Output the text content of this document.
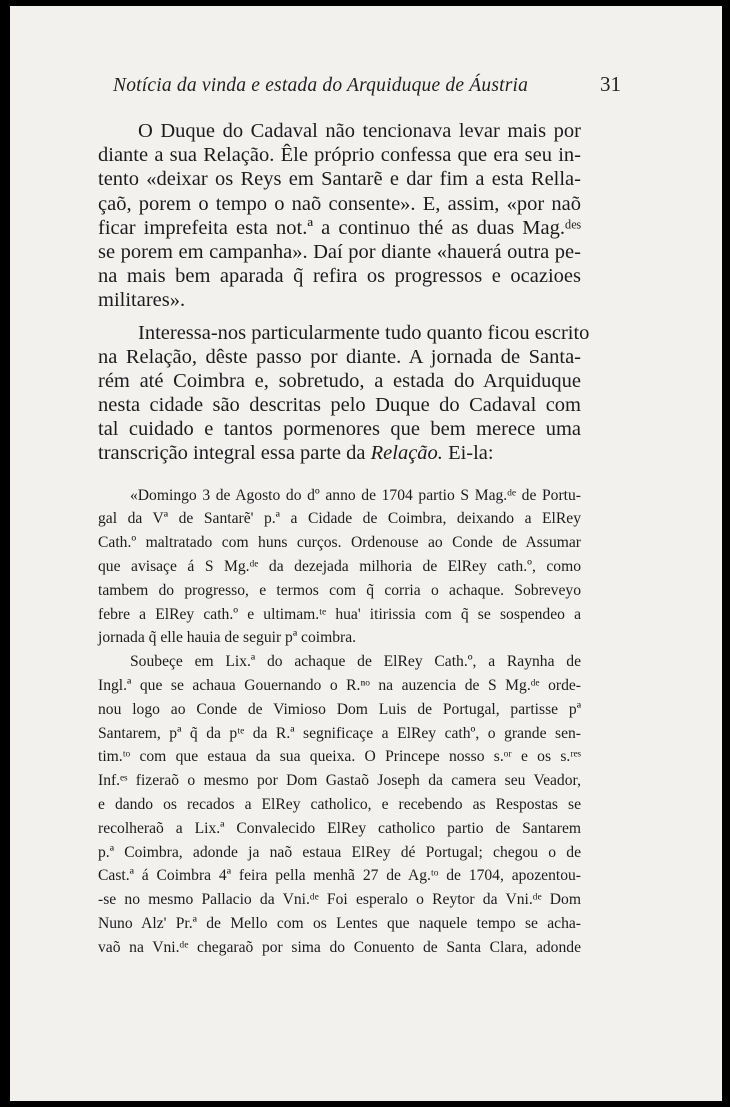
Notícia da vinda e estada do Arquiduque de Áustria	31
O Duque do Cadaval não tencionava levar mais por
diante a sua Relação. Êle próprio confessa que era seu in-
tento «deixar os Reys em Santarẽ e dar fim a esta Rella-
çaõ, porem o tempo o naõ consente». E, assim, «por naõ
ficar imprefeita esta not.ª a continuo thé as duas Mag.ᵈᵉˢ
se porem em campanha». Daí por diante «hauerá outra pe-
na mais bem aparada q̃ refira os progressos e ocazioes
militares».
Interessa-nos particularmente tudo quanto ficou escrito
na Relação, dêste passo por diante. A jornada de Santa-
rém até Coimbra e, sobretudo, a estada do Arquiduque
nesta cidade são descritas pelo Duque do Cadaval com
tal cuidado e tantos pormenores que bem merece uma
transcrição integral essa parte da Relação. Ei-la:
«Domingo 3 de Agosto do dº anno de 1704 partio S Mag.ᵈᵉ de Portu-
gal da Vª de Santarẽ' p.ª a Cidade de Coimbra, deixando a ElRey
Cath.º maltratado com huns curços. Ordenouse ao Conde de Assumar
que avisaçe á S Mg.ᵈᵉ da dezejada milhoria de ElRey cath.º, como
tambem do progresso, e termos com q̃ corria o achaque. Sobreveyo
febre a ElRey cath.º e ultimam.ᵗᵉ hua' itirissia com q̃ se sospendeo a
jornada q̃ elle hauia de seguir pª coimbra.
Soubeçe em Lix.ª do achaque de ElRey Cath.º, a Raynha de
Ingl.ª que se achaua Gouernando o R.ⁿᵒ na auzencia de S Mg.ᵈᵉ orde-
nou logo ao Conde de Vimioso Dom Luis de Portugal, partisse pª
Santarem, pª q̃ da pᵗᵉ da R.ª segnificaçe a ElRey cathº, o grande sen-
tim.ᵗᵒ com que estaua da sua queixa. O Princepe nosso s.ᵒʳ e os s.ʳᵉˢ
Inf.ᵉˢ fizeraõ o mesmo por Dom Gastaõ Joseph da camera seu Veador,
e dando os recados a ElRey catholico, e recebendo as Respostas se
recolheraõ a Lix.ª Convalecido ElRey catholico partio de Santarem
p.ª Coimbra, adonde ja naõ estaua ElRey dé Portugal; chegou o de
Cast.ª á Coimbra 4ª feira pella menhã 27 de Ag.ᵗᵒ de 1704, apozentou-
-se no mesmo Pallacio da Vni.ᵈᵉ Foi esperalo o Reytor da Vni.ᵈᵉ Dom
Nuno Alz' Pr.ª de Mello com os Lentes que naquele tempo se acha-
vaõ na Vni.ᵈᵉ chegaraõ por sima do Conuento de Santa Clara, adonde
